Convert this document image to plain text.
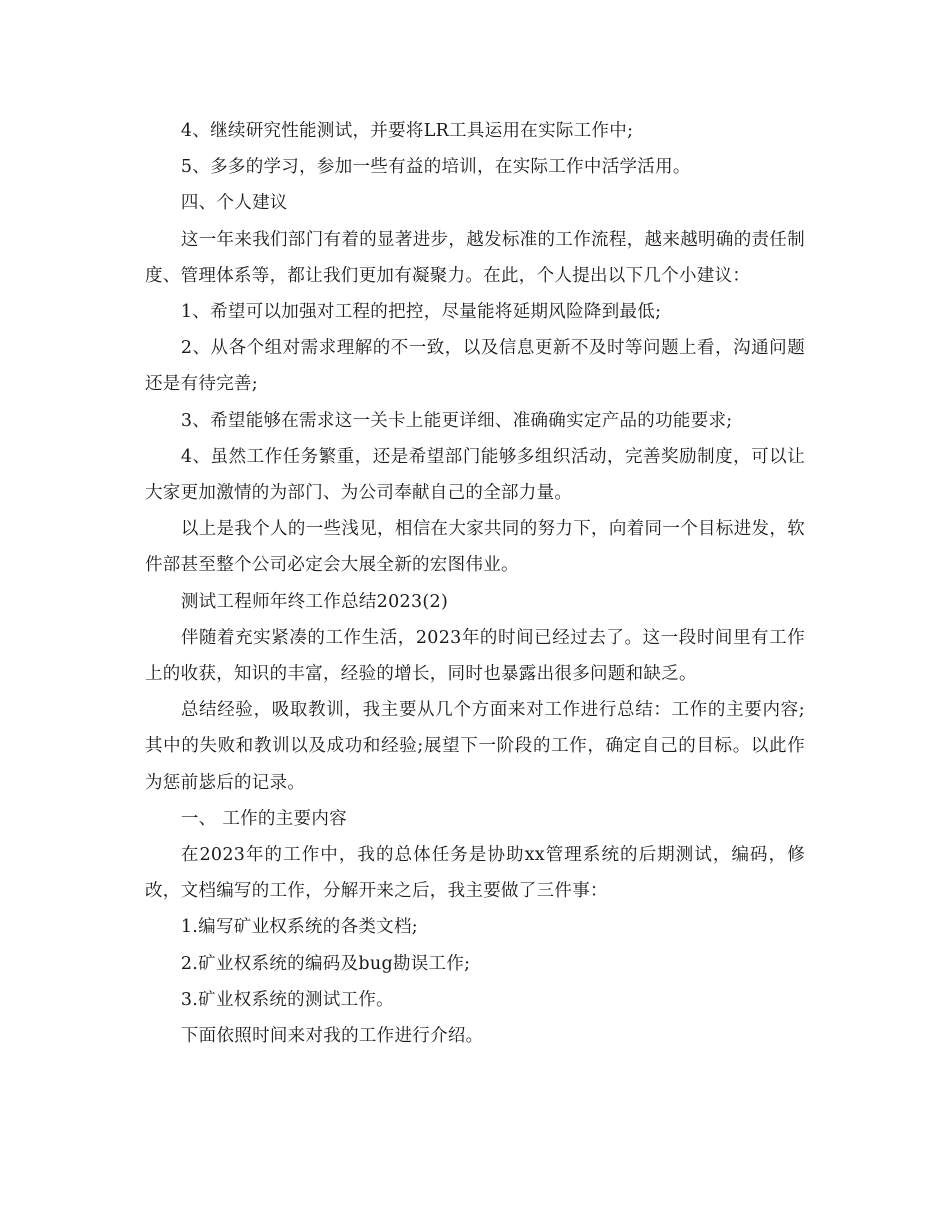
4、继续研究性能测试，并要将LR工具运用在实际工作中;

5、多多的学习，参加一些有益的培训，在实际工作中活学活用。

四、个人建议

这一年来我们部门有着的显著进步，越发标准的工作流程，越来越明确的责任制度、管理体系等，都让我们更加有凝聚力。在此，个人提出以下几个小建议：

1、希望可以加强对工程的把控，尽量能将延期风险降到最低;

2、从各个组对需求理解的不一致，以及信息更新不及时等问题上看，沟通问题还是有待完善;

3、希望能够在需求这一关卡上能更详细、准确确实定产品的功能要求;

4、虽然工作任务繁重，还是希望部门能够多组织活动，完善奖励制度，可以让大家更加激情的为部门、为公司奉献自己的全部力量。

以上是我个人的一些浅见，相信在大家共同的努力下，向着同一个目标进发，软件部甚至整个公司必定会大展全新的宏图伟业。

测试工程师年终工作总结2023(2)

伴随着充实紧凑的工作生活，2023年的时间已经过去了。这一段时间里有工作上的收获，知识的丰富，经验的增长，同时也暴露出很多问题和缺乏。

总结经验，吸取教训，我主要从几个方面来对工作进行总结：工作的主要内容;其中的失败和教训以及成功和经验;展望下一阶段的工作，确定自己的目标。以此作为惩前毖后的记录。

一、 工作的主要内容

在2023年的工作中，我的总体任务是协助xx管理系统的后期测试，编码，修改，文档编写的工作，分解开来之后，我主要做了三件事：

1.编写矿业权系统的各类文档;

2.矿业权系统的编码及bug勘误工作;

3.矿业权系统的测试工作。

下面依照时间来对我的工作进行介绍。
